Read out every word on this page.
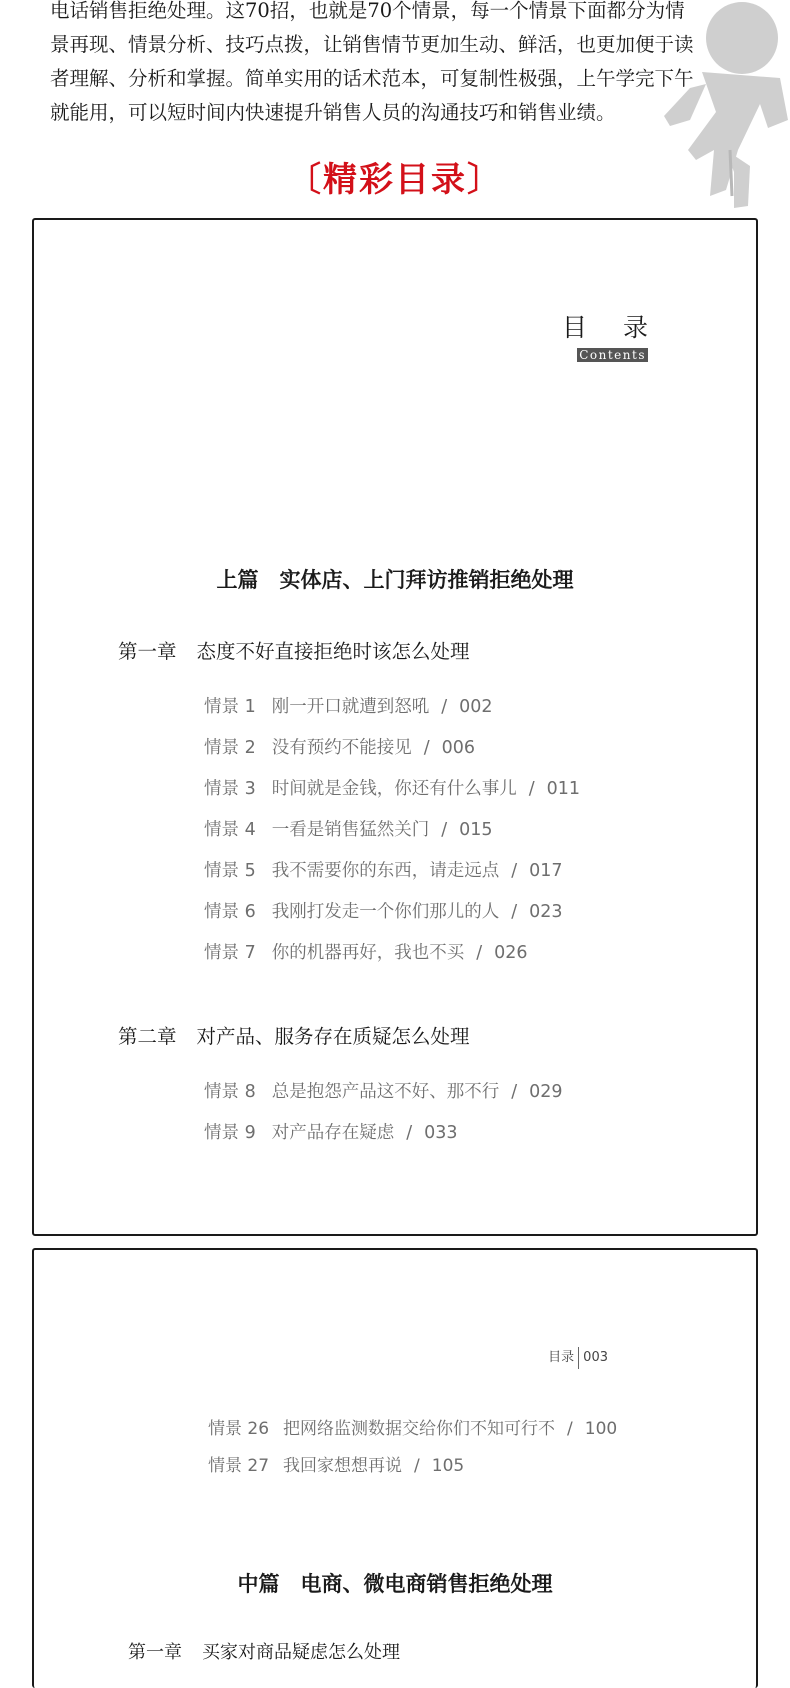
电话销售拒绝处理。这70招，也就是70个情景，每一个情景下面都分为情

景再现、情景分析、技巧点拨，让销售情节更加生动、鲜活，也更加便于读

者理解、分析和掌握。简单实用的话术范本，可复制性极强，上午学完下午

就能用，可以短时间内快速提升销售人员的沟通技巧和销售业绩。

〔精彩目录〕
目 录
Contents
上篇　实体店、上门拜访推销拒绝处理
第一章 态度不好直接拒绝时该怎么处理
情景 1 刚一开口就遭到怒吼 / 002
情景 2 没有预约不能接见 / 006
情景 3 时间就是金钱，你还有什么事儿 / 011
情景 4 一看是销售猛然关门 / 015
情景 5 我不需要你的东西，请走远点 / 017
情景 6 我刚打发走一个你们那儿的人 / 023
情景 7 你的机器再好，我也不买 / 026
第二章 对产品、服务存在质疑怎么处理
情景 8 总是抱怨产品这不好、那不行 / 029
情景 9 对产品存在疑虑 / 033
目录 003
情景 26 把网络监测数据交给你们不知可行不 / 100
情景 27 我回家想想再说 / 105
中篇　电商、微电商销售拒绝处理
第一章 买家对商品疑虑怎么处理
